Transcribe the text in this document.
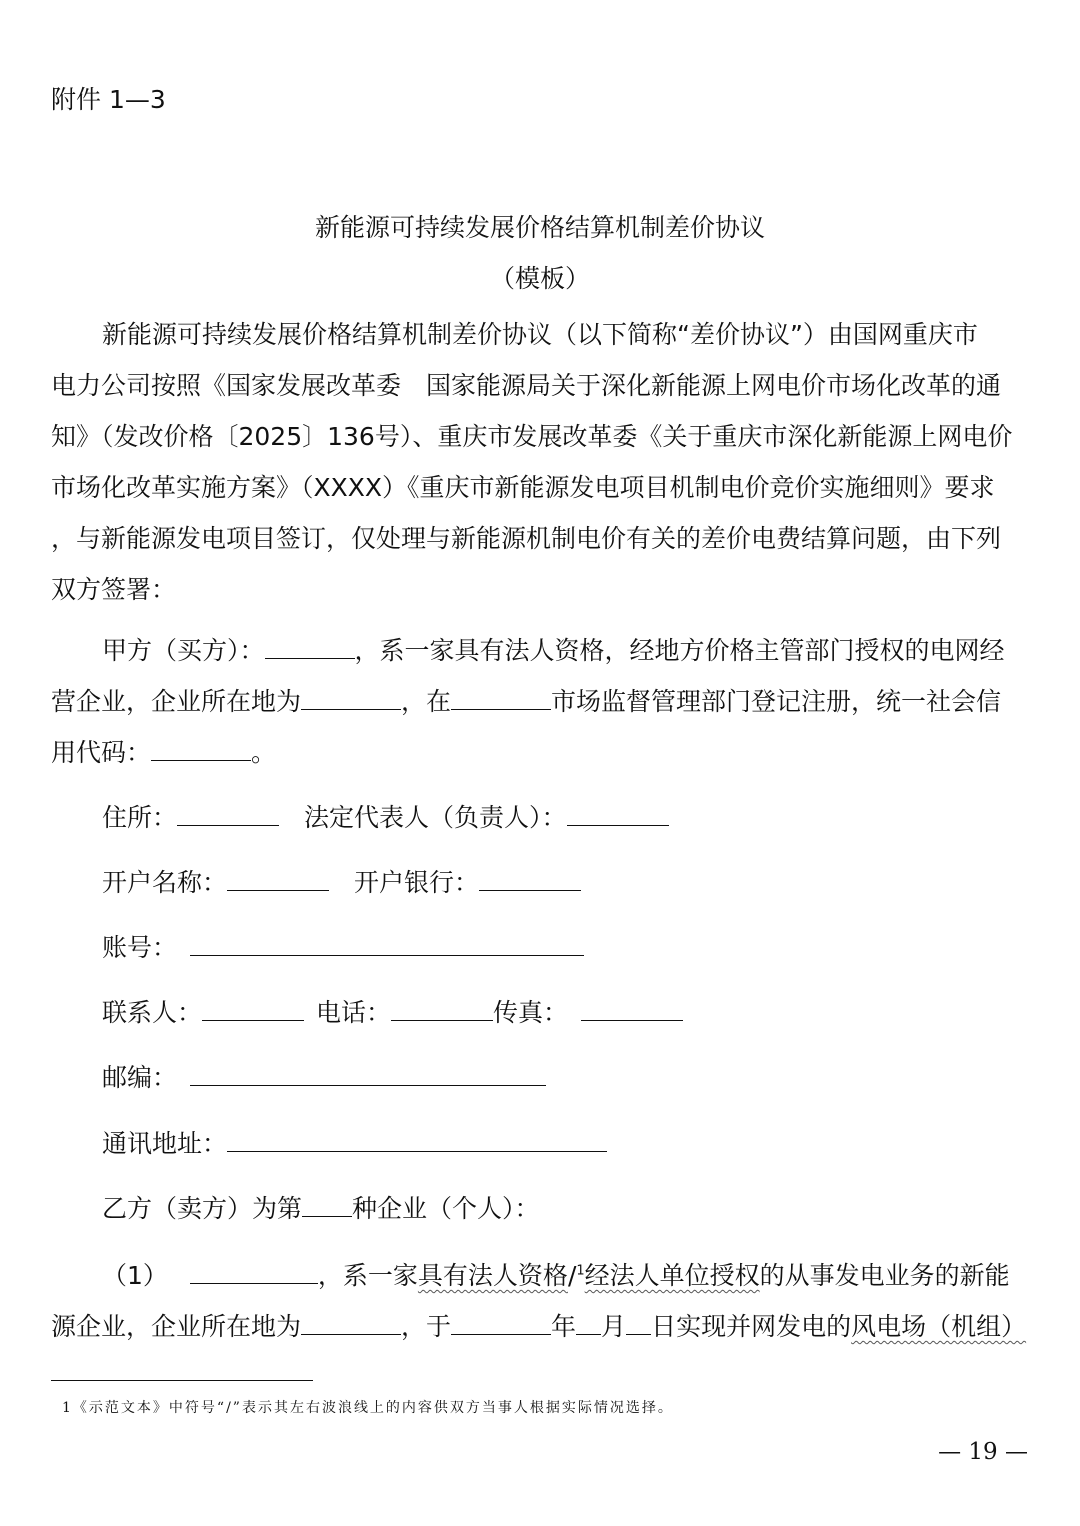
附件 1—3
新能源可持续发展价格结算机制差价协议
（模板）
新能源可持续发展价格结算机制差价协议（以下简称“差价协议”）由国网重庆市
电力公司按照《国家发展改革委　国家能源局关于深化新能源上网电价市场化改革的通
知》（发改价格〔2025〕136号）、重庆市发展改革委《关于重庆市深化新能源上网电价
市场化改革实施方案》（XXXX）《重庆市新能源发电项目机制电价竞价实施细则》要求
，与新能源发电项目签订，仅处理与新能源机制电价有关的差价电费结算问题，由下列
双方签署：
甲方（买方）：	，系一家具有法人资格，经地方价格主管部门授权的电网经
营企业，企业所在地为	，在	市场监督管理部门登记注册，统一社会信
用代码：	。
住所：	法定代表人（负责人）：
开户名称：	开户银行：
账号：
联系人：	电话：	传真：
邮编：
通讯地址：
乙方（卖方）为第 种企业（个人）：
（1）	，系一家具有法人资格/$^1$经法人单位授权的从事发电业务的新能
源企业，企业所在地为	，于	年 月 日实现并网发电的风电场（机组）
1《示范文本》中符号“/”表示其左右波浪线上的内容供双方当事人根据实际情况选择。
— 19 —
